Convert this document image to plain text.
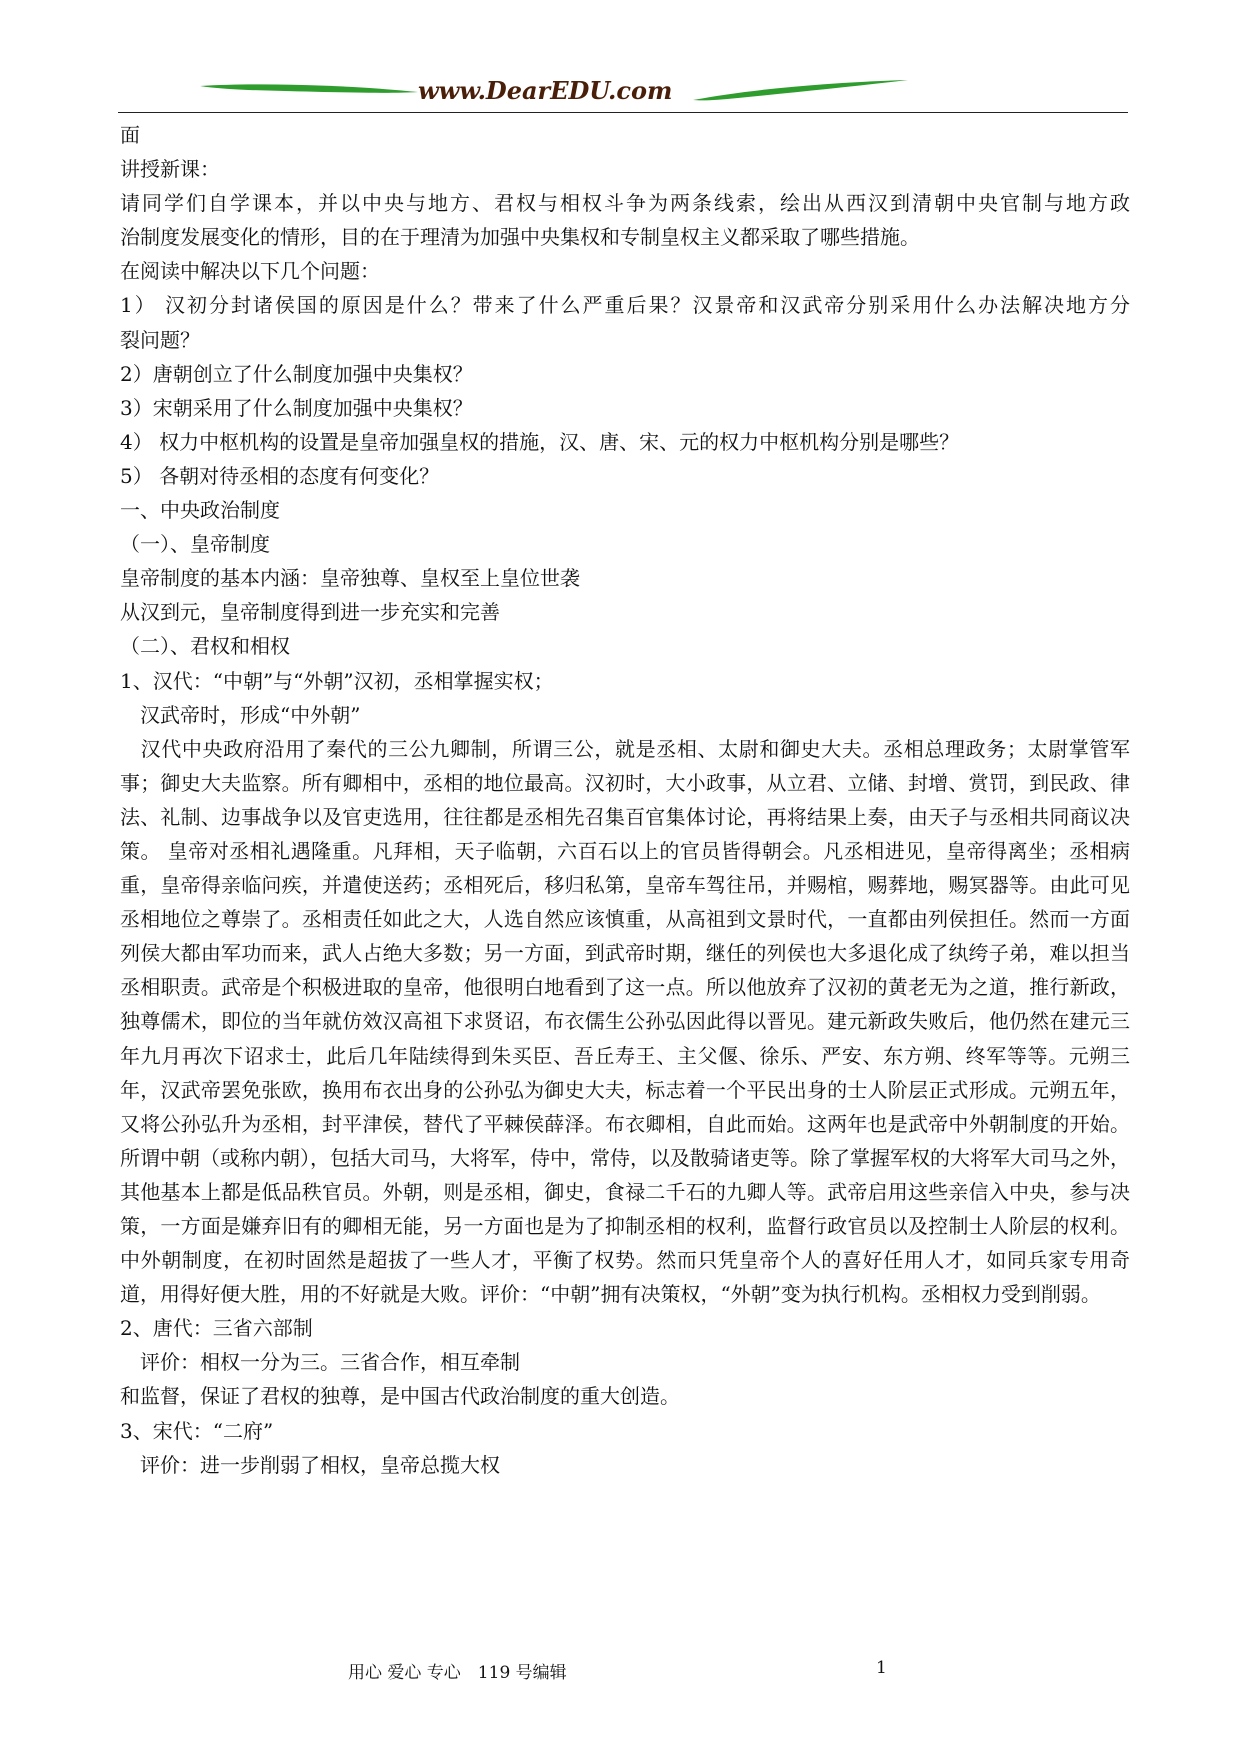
www.DearEDU.com
面
讲授新课：
请同学们自学课本，并以中央与地方、君权与相权斗争为两条线索，绘出从西汉到清朝中央官制与地方政
治制度发展变化的情形，目的在于理清为加强中央集权和专制皇权主义都采取了哪些措施。
在阅读中解决以下几个问题：
1） 汉初分封诸侯国的原因是什么？带来了什么严重后果？汉景帝和汉武帝分别采用什么办法解决地方分
裂问题？
2）唐朝创立了什么制度加强中央集权？
3）宋朝采用了什么制度加强中央集权？
4） 权力中枢机构的设置是皇帝加强皇权的措施，汉、唐、宋、元的权力中枢机构分别是哪些？
5） 各朝对待丞相的态度有何变化？
一、中央政治制度
（一）、皇帝制度
皇帝制度的基本内涵：皇帝独尊、皇权至上皇位世袭
从汉到元，皇帝制度得到进一步充实和完善
（二）、君权和相权
1、汉代：“中朝”与“外朝”汉初，丞相掌握实权；
　汉武帝时，形成“中外朝”
　汉代中央政府沿用了秦代的三公九卿制，所谓三公，就是丞相、太尉和御史大夫。丞相总理政务；太尉掌管军事；御史大夫监察。所有卿相中，丞相的地位最高。汉初时，大小政事，从立君、立储、封增、赏罚，到民政、律法、礼制、边事战争以及官吏选用，往往都是丞相先召集百官集体讨论，再将结果上奏，由天子与丞相共同商议决策。 皇帝对丞相礼遇隆重。凡拜相，天子临朝，六百石以上的官员皆得朝会。凡丞相进见，皇帝得离坐；丞相病重，皇帝得亲临问疾，并遣使送药；丞相死后，移归私第，皇帝车驾往吊，并赐棺，赐葬地，赐冥器等。由此可见丞相地位之尊崇了。丞相责任如此之大，人选自然应该慎重，从高祖到文景时代，一直都由列侯担任。然而一方面列侯大都由军功而来，武人占绝大多数；另一方面，到武帝时期，继任的列侯也大多退化成了纨绔子弟，难以担当丞相职责。武帝是个积极进取的皇帝，他很明白地看到了这一点。所以他放弃了汉初的黄老无为之道，推行新政，独尊儒术，即位的当年就仿效汉高祖下求贤诏，布衣儒生公孙弘因此得以晋见。建元新政失败后，他仍然在建元三年九月再次下诏求士，此后几年陆续得到朱买臣、吾丘寿王、主父偃、徐乐、严安、东方朔、终军等等。元朔三年，汉武帝罢免张欧，换用布衣出身的公孙弘为御史大夫，标志着一个平民出身的士人阶层正式形成。元朔五年，又将公孙弘升为丞相，封平津侯，替代了平棘侯薛泽。布衣卿相，自此而始。这两年也是武帝中外朝制度的开始。所谓中朝（或称内朝），包括大司马，大将军，侍中，常侍，以及散骑诸吏等。除了掌握军权的大将军大司马之外，其他基本上都是低品秩官员。外朝，则是丞相，御史，食禄二千石的九卿人等。武帝启用这些亲信入中央，参与决策，一方面是嫌弃旧有的卿相无能，另一方面也是为了抑制丞相的权利，监督行政官员以及控制士人阶层的权利。中外朝制度，在初时固然是超拔了一些人才，平衡了权势。然而只凭皇帝个人的喜好任用人才，如同兵家专用奇道，用得好便大胜，用的不好就是大败。评价：“中朝”拥有决策权，“外朝”变为执行机构。丞相权力受到削弱。
2、唐代：三省六部制
　评价：相权一分为三。三省合作，相互牵制
和监督，保证了君权的独尊，是中国古代政治制度的重大创造。
3、宋代：“二府”
　评价：进一步削弱了相权，皇帝总揽大权
用心 爱心 专心　119 号编辑	1
